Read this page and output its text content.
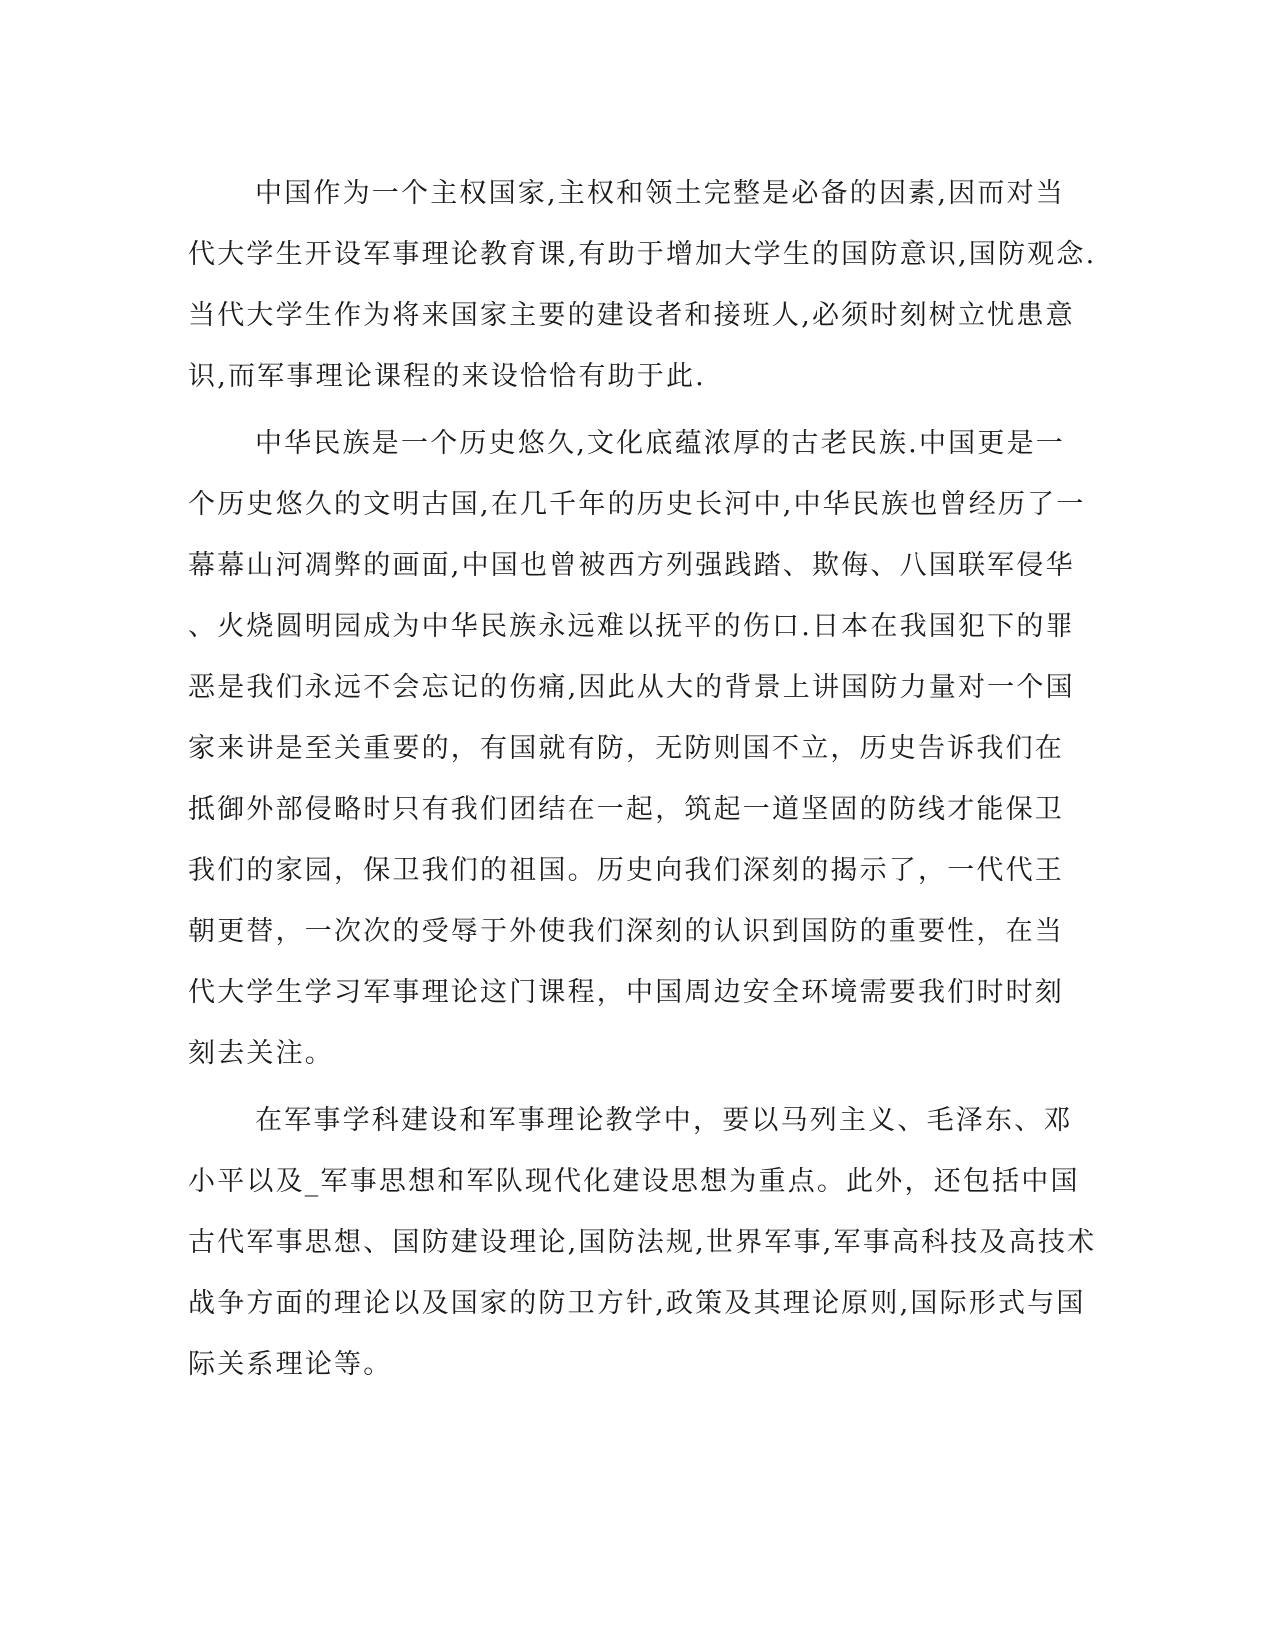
中国作为一个主权国家,主权和领土完整是必备的因素,因而对当
代大学生开设军事理论教育课,有助于增加大学生的国防意识,国防观念.
当代大学生作为将来国家主要的建设者和接班人,必须时刻树立忧患意
识,而军事理论课程的来设恰恰有助于此.
中华民族是一个历史悠久,文化底蕴浓厚的古老民族.中国更是一
个历史悠久的文明古国,在几千年的历史长河中,中华民族也曾经历了一
幕幕山河凋弊的画面,中国也曾被西方列强践踏、欺侮、八国联军侵华
、火烧圆明园成为中华民族永远难以抚平的伤口.日本在我国犯下的罪
恶是我们永远不会忘记的伤痛,因此从大的背景上讲国防力量对一个国
家来讲是至关重要的，有国就有防，无防则国不立，历史告诉我们在
抵御外部侵略时只有我们团结在一起，筑起一道坚固的防线才能保卫
我们的家园，保卫我们的祖国。历史向我们深刻的揭示了，一代代王
朝更替，一次次的受辱于外使我们深刻的认识到国防的重要性，在当
代大学生学习军事理论这门课程，中国周边安全环境需要我们时时刻
刻去关注。
在军事学科建设和军事理论教学中，要以马列主义、毛泽东、邓
小平以及_军事思想和军队现代化建设思想为重点。此外，还包括中国
古代军事思想、国防建设理论,国防法规,世界军事,军事高科技及高技术
战争方面的理论以及国家的防卫方针,政策及其理论原则,国际形式与国
际关系理论等。
